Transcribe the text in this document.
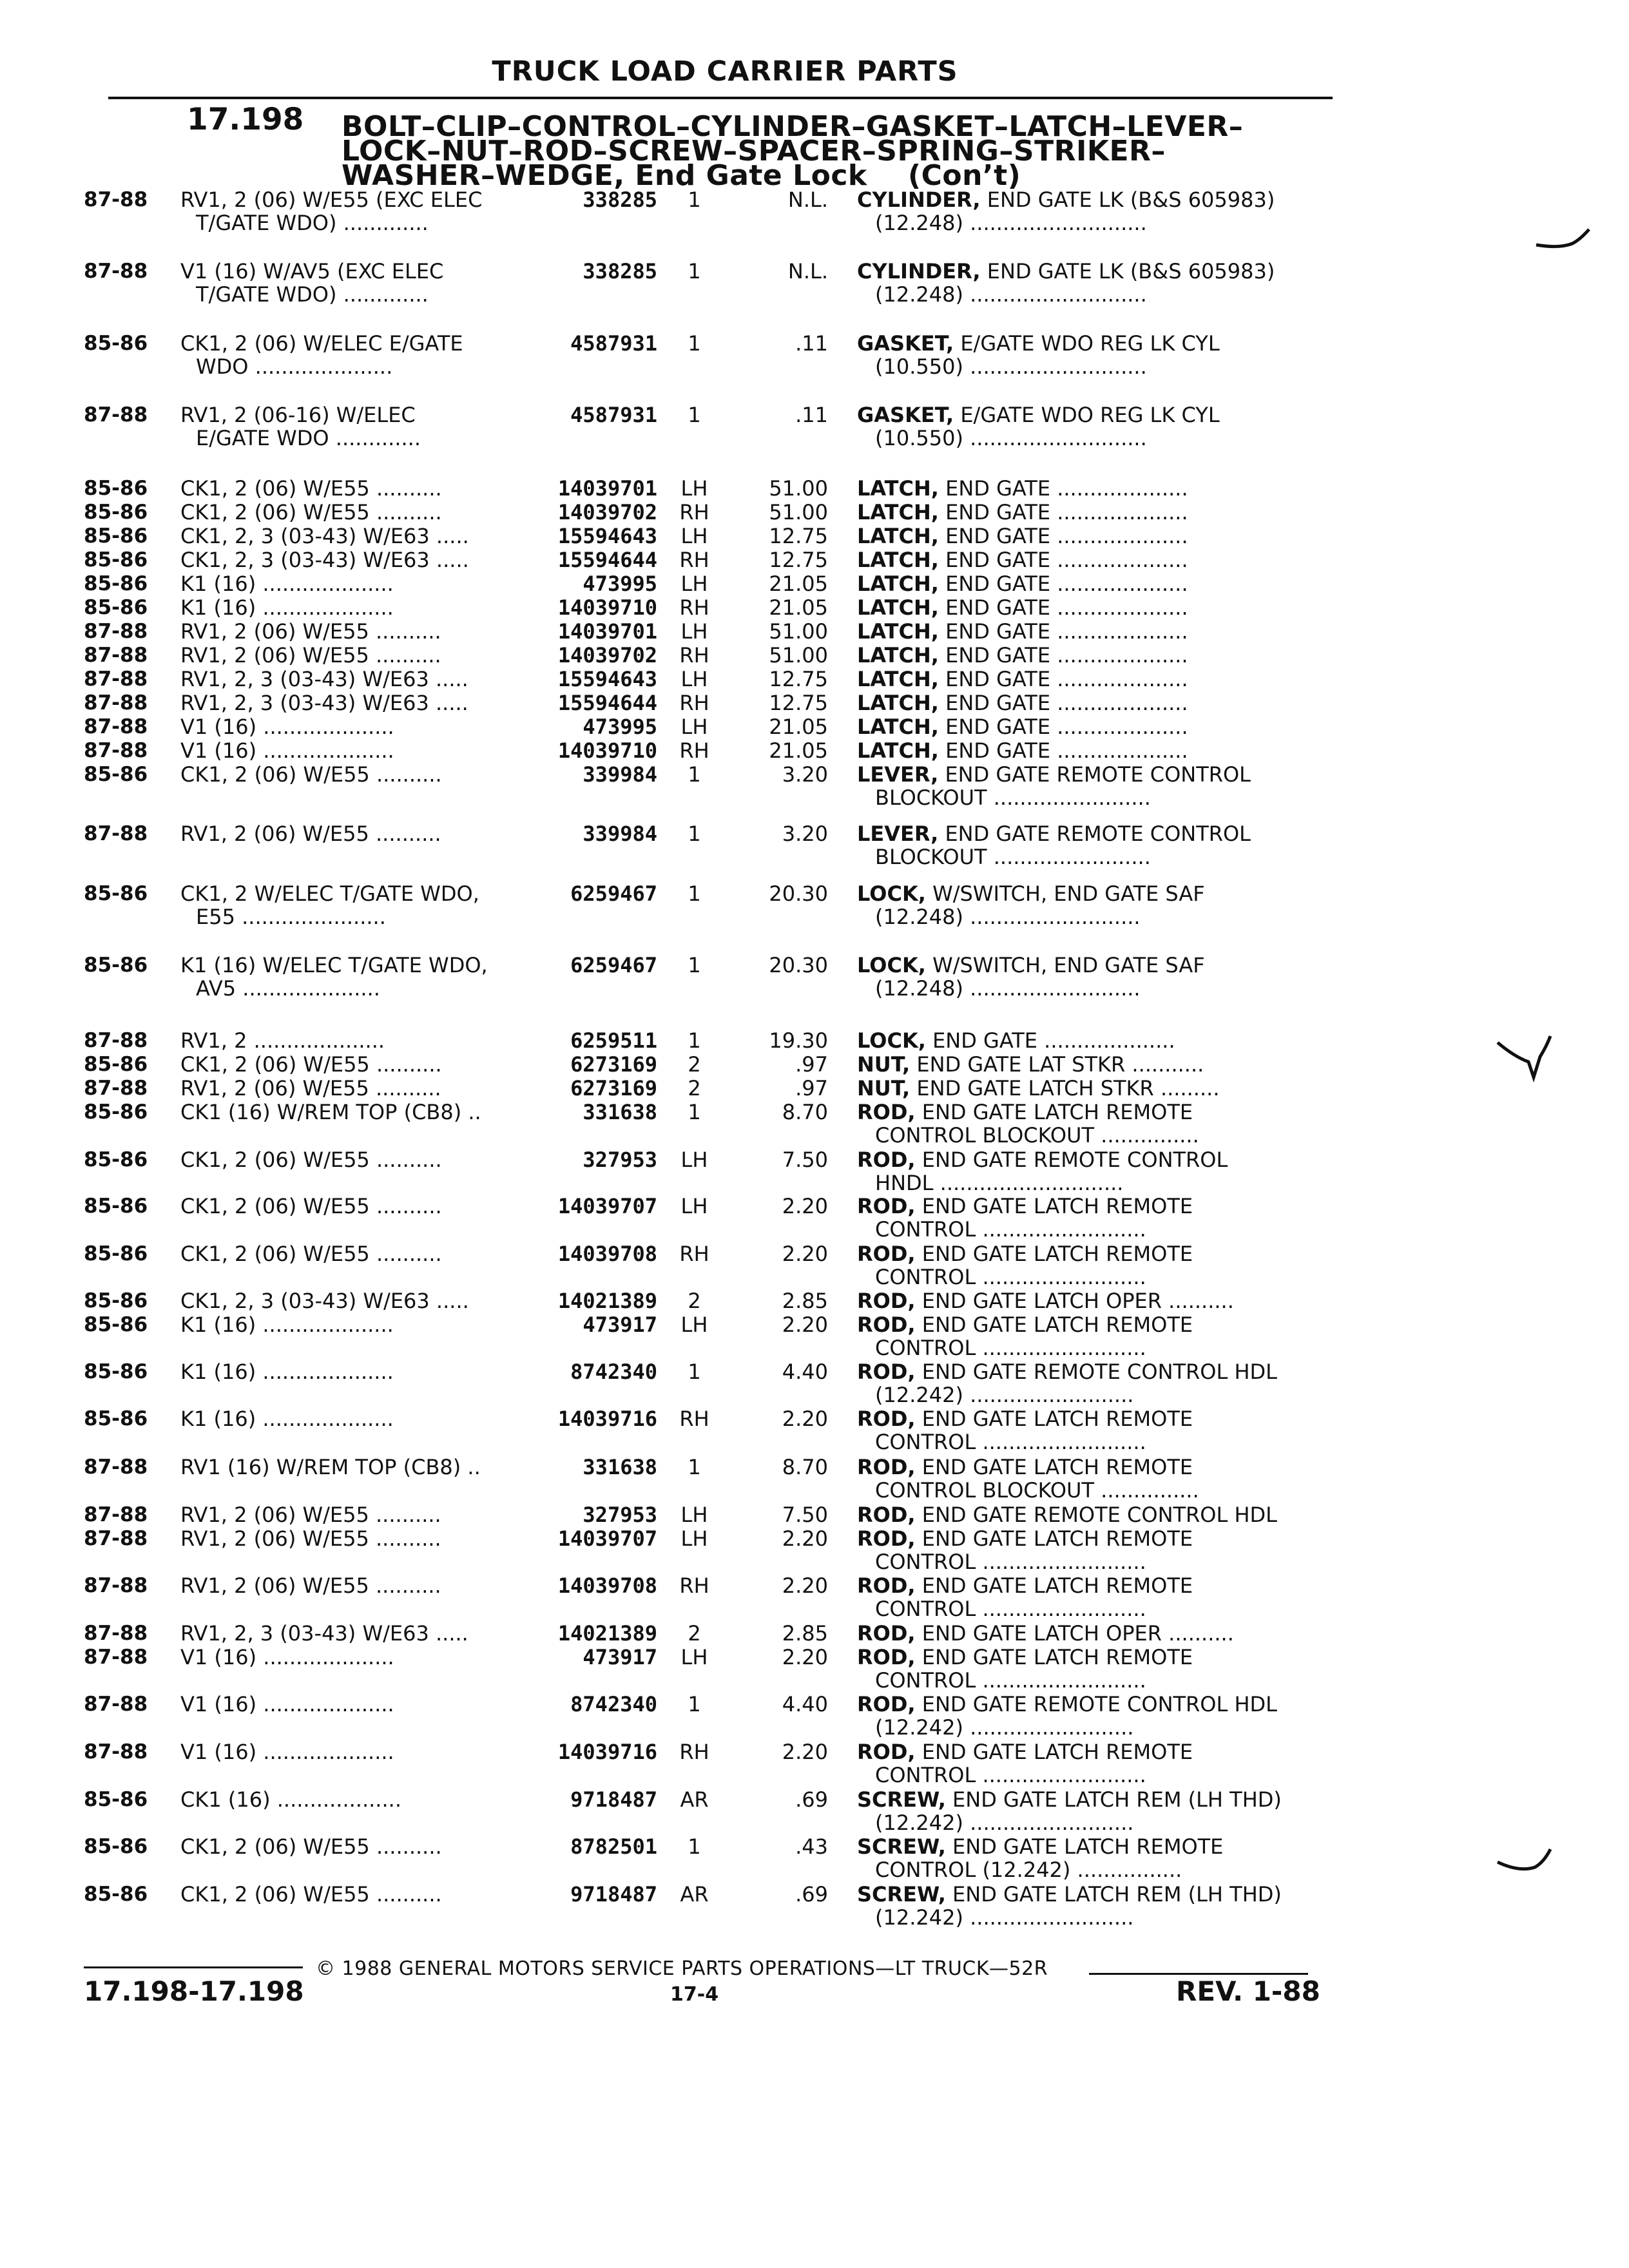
TRUCK LOAD CARRIER PARTS
17.198 BOLT–CLIP–CONTROL–CYLINDER–GASKET–LATCH–LEVER–
LOCK–NUT–ROD–SCREW–SPACER–SPRING–STRIKER–
WASHER–WEDGE, End Gate Lock    (Con’t)
87-88	RV1, 2 (06) W/E55 (EXC ELEC
T/GATE WDO) .............
338285	1	N.L. CYLINDER, END GATE LK (B&S 605983)
(12.248) ...........................
87-88	V1 (16) W/AV5 (EXC ELEC
T/GATE WDO) .............
338285	1	N.L. CYLINDER, END GATE LK (B&S 605983)
(12.248) ...........................
85-86	CK1, 2 (06) W/ELEC E/GATE
WDO .....................
4587931	1	.11 GASKET, E/GATE WDO REG LK CYL
(10.550) ...........................
87-88	RV1, 2 (06-16) W/ELEC
E/GATE WDO .............
4587931	1	.11 GASKET, E/GATE WDO REG LK CYL
(10.550) ...........................
85-86	CK1, 2 (06) W/E55 ..........	14039701	LH	51.00 LATCH, END GATE ....................
85-86	CK1, 2 (06) W/E55 ..........	14039702	RH	51.00 LATCH, END GATE ....................
85-86	CK1, 2, 3 (03-43) W/E63 .....	15594643	LH	12.75 LATCH, END GATE ....................
85-86	CK1, 2, 3 (03-43) W/E63 .....	15594644	RH	12.75 LATCH, END GATE ....................
85-86	K1 (16) ....................	473995	LH	21.05 LATCH, END GATE ....................
85-86	K1 (16) ....................	14039710	RH	21.05 LATCH, END GATE ....................
87-88	RV1, 2 (06) W/E55 ..........	14039701	LH	51.00 LATCH, END GATE ....................
87-88	RV1, 2 (06) W/E55 ..........	14039702	RH	51.00 LATCH, END GATE ....................
87-88	RV1, 2, 3 (03-43) W/E63 .....	15594643	LH	12.75 LATCH, END GATE ....................
87-88	RV1, 2, 3 (03-43) W/E63 .....	15594644	RH	12.75 LATCH, END GATE ....................
87-88	V1 (16) ....................	473995	LH	21.05 LATCH, END GATE ....................
87-88	V1 (16) ....................	14039710	RH	21.05 LATCH, END GATE ....................
85-86	CK1, 2 (06) W/E55 ..........	339984	1	3.20 LEVER, END GATE REMOTE CONTROL
BLOCKOUT ........................
87-88	RV1, 2 (06) W/E55 ..........	339984	1	3.20 LEVER, END GATE REMOTE CONTROL
BLOCKOUT ........................
85-86	CK1, 2 W/ELEC T/GATE WDO,
E55 ......................
6259467	1	20.30 LOCK, W/SWITCH, END GATE SAF
(12.248) ..........................
85-86	K1 (16) W/ELEC T/GATE WDO,
AV5 .....................
6259467	1	20.30 LOCK, W/SWITCH, END GATE SAF
(12.248) ..........................
87-88	RV1, 2 ....................	6259511	1	19.30 LOCK, END GATE ....................
85-86	CK1, 2 (06) W/E55 ..........	6273169	2	.97 NUT, END GATE LAT STKR ...........
87-88	RV1, 2 (06) W/E55 ..........	6273169	2	.97 NUT, END GATE LATCH STKR .........
85-86	CK1 (16) W/REM TOP (CB8) ..	331638	1	8.70 ROD, END GATE LATCH REMOTE
CONTROL BLOCKOUT ...............
85-86	CK1, 2 (06) W/E55 ..........	327953	LH	7.50 ROD, END GATE REMOTE CONTROL
HNDL ............................
85-86	CK1, 2 (06) W/E55 ..........	14039707	LH	2.20 ROD, END GATE LATCH REMOTE
CONTROL .........................
85-86	CK1, 2 (06) W/E55 ..........	14039708	RH	2.20 ROD, END GATE LATCH REMOTE
CONTROL .........................
85-86	CK1, 2, 3 (03-43) W/E63 .....	14021389	2	2.85 ROD, END GATE LATCH OPER ..........
85-86	K1 (16) ....................	473917	LH	2.20 ROD, END GATE LATCH REMOTE
CONTROL .........................
85-86	K1 (16) ....................	8742340	1	4.40 ROD, END GATE REMOTE CONTROL HDL
(12.242) .........................
85-86	K1 (16) ....................	14039716	RH	2.20 ROD, END GATE LATCH REMOTE
CONTROL .........................
87-88	RV1 (16) W/REM TOP (CB8) ..	331638	1	8.70 ROD, END GATE LATCH REMOTE
CONTROL BLOCKOUT ...............
87-88	RV1, 2 (06) W/E55 ..........	327953	LH	7.50 ROD, END GATE REMOTE CONTROL HDL
87-88	RV1, 2 (06) W/E55 ..........	14039707	LH	2.20 ROD, END GATE LATCH REMOTE
CONTROL .........................
87-88	RV1, 2 (06) W/E55 ..........	14039708	RH	2.20 ROD, END GATE LATCH REMOTE
CONTROL .........................
87-88	RV1, 2, 3 (03-43) W/E63 .....	14021389	2	2.85 ROD, END GATE LATCH OPER ..........
87-88	V1 (16) ....................	473917	LH	2.20 ROD, END GATE LATCH REMOTE
CONTROL .........................
87-88	V1 (16) ....................	8742340	1	4.40 ROD, END GATE REMOTE CONTROL HDL
(12.242) .........................
87-88	V1 (16) ....................	14039716	RH	2.20 ROD, END GATE LATCH REMOTE
CONTROL .........................
85-86	CK1 (16) ...................	9718487	AR	.69 SCREW, END GATE LATCH REM (LH THD)
(12.242) .........................
85-86	CK1, 2 (06) W/E55 ..........	8782501	1	.43 SCREW, END GATE LATCH REMOTE
CONTROL (12.242) ................
85-86	CK1, 2 (06) W/E55 ..........	9718487	AR	.69 SCREW, END GATE LATCH REM (LH THD)
(12.242) .........................
17.198-17.198
© 1988 GENERAL MOTORS SERVICE PARTS OPERATIONS—LT TRUCK—52R
17-4	REV. 1-88
